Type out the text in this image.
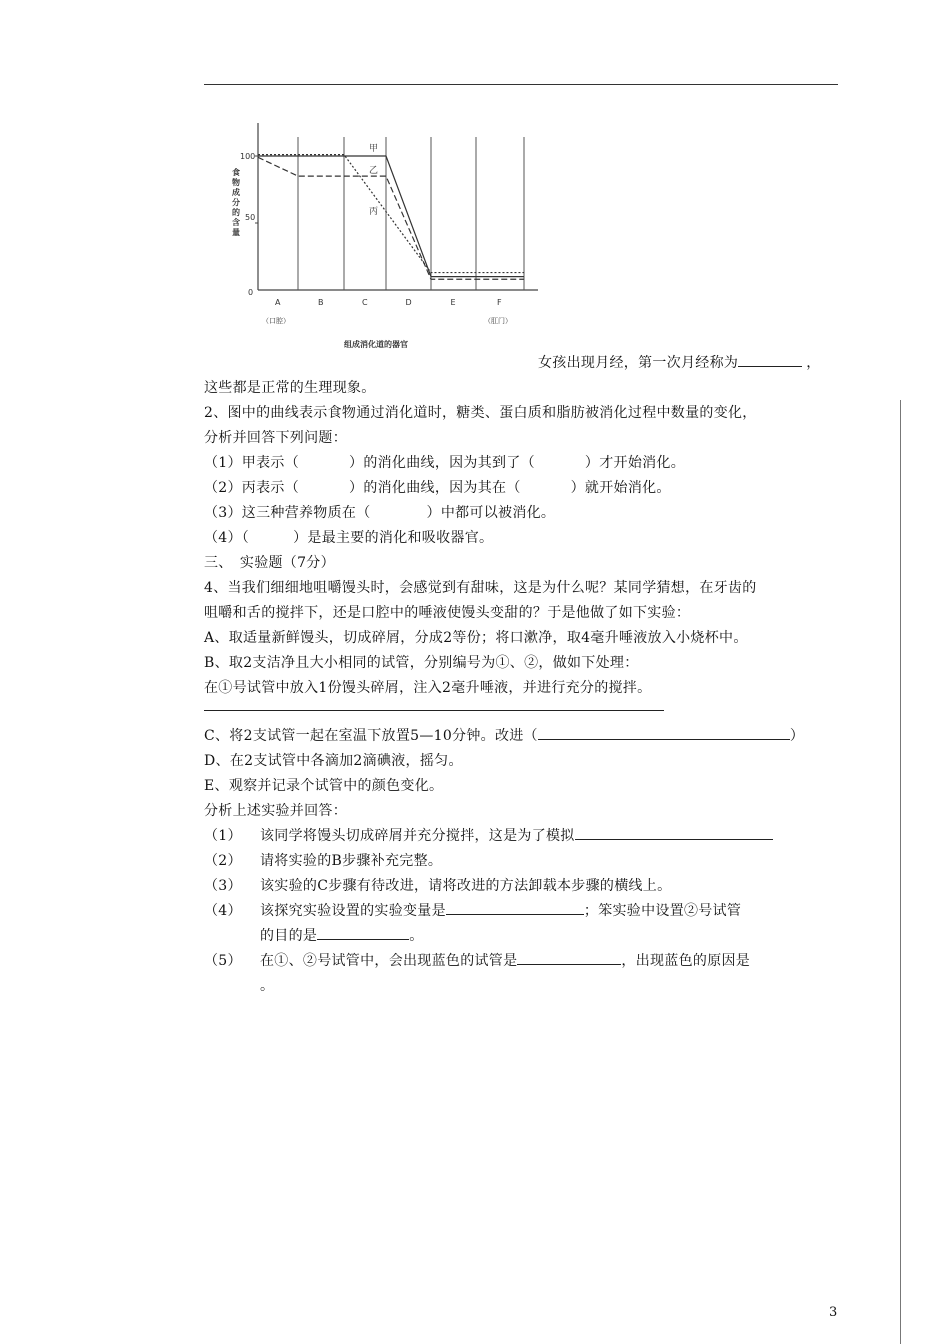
100
50
0
食物成分的含量
组成消化道的器官
甲
乙
丙
A
（口腔）
B	C	D	E	F
（肛门）
女孩出现月经，第一次月经称为	，
这些都是正常的生理现象。
2、图中的曲线表示食物通过消化道时，糖类、蛋白质和脂肪被消化过程中数量的变化，
分析并回答下列问题：
（1）甲表示（	）的消化曲线，因为其到了（	）才开始消化。
（2）丙表示（	）的消化曲线，因为其在（	）就开始消化。
（3）这三种营养物质在（	）中都可以被消化。
（4）（	）是最主要的消化和吸收器官。
三、　实验题（7分）
4、当我们细细地咀嚼馒头时，会感觉到有甜味，这是为什么呢？某同学猜想，在牙齿的
咀嚼和舌的搅拌下，还是口腔中的唾液使馒头变甜的？于是他做了如下实验：
A、取适量新鲜馒头，切成碎屑，分成2等份；将口漱净，取4毫升唾液放入小烧杯中。
B、取2支洁净且大小相同的试管，分别编号为①、②，做如下处理：
在①号试管中放入1份馒头碎屑，注入2毫升唾液，并进行充分的搅拌。
C、将2支试管一起在室温下放置5—10分钟。改进（	）
D、在2支试管中各滴加2滴碘液，摇匀。
E、观察并记录个试管中的颜色变化。
分析上述实验并回答：
（1） 该同学将馒头切成碎屑并充分搅拌，这是为了模拟
（2） 请将实验的B步骤补充完整。
（3） 该实验的C步骤有待改进，请将改进的方法卸载本步骤的横线上。
（4） 该探究实验设置的实验变量是	；笨实验中设置②号试管
的目的是	。
（5） 在①、②号试管中，会出现蓝色的试管是	，出现蓝色的原因是
。
3
